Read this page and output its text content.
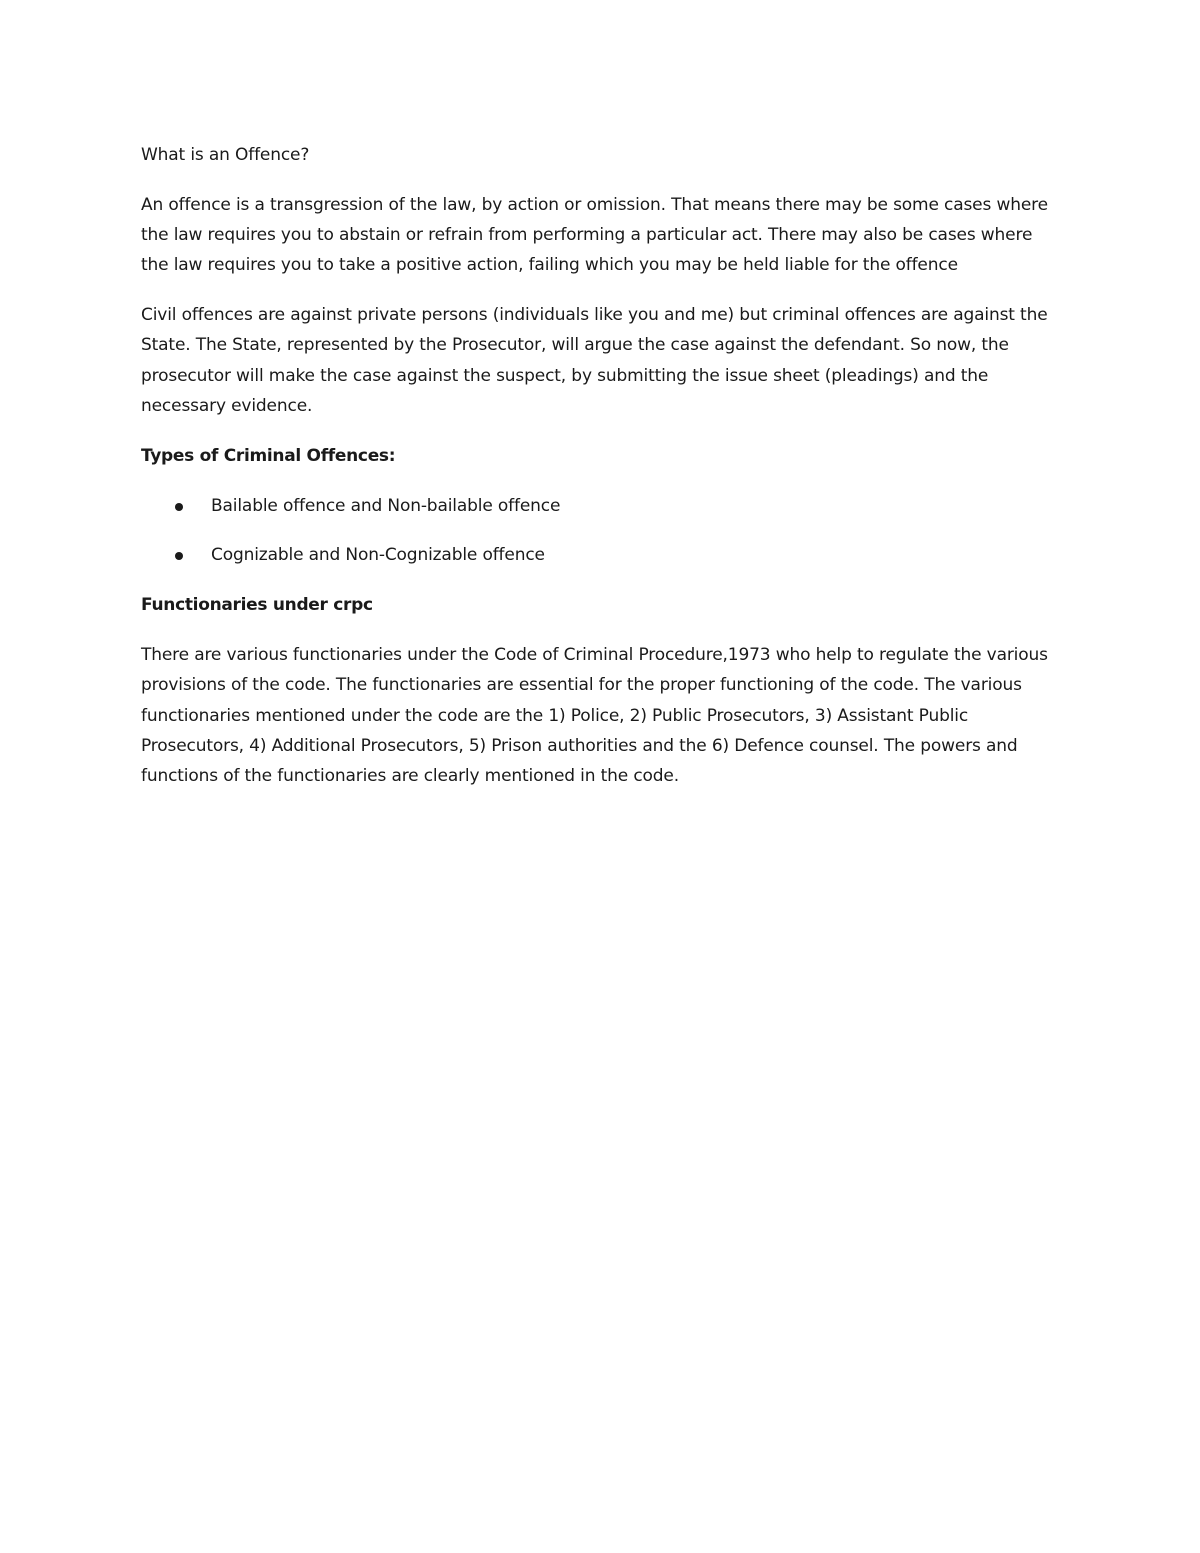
What is an Offence?

An offence is a transgression of the law, by action or omission. That means there may be some cases where the law requires you to abstain or refrain from performing a particular act. There may also be cases where the law requires you to take a positive action, failing which you may be held liable for the offence

Civil offences are against private persons (individuals like you and me) but criminal offences are against the State. The State, represented by the Prosecutor, will argue the case against the defendant. So now, the prosecutor will make the case against the suspect, by submitting the issue sheet (pleadings) and the necessary evidence.

Types of Criminal Offences:
Bailable offence and Non-bailable offence
Cognizable and Non-Cognizable offence
Functionaries under crpc

There are various functionaries under the Code of Criminal Procedure,1973 who help to regulate the various provisions of the code. The functionaries are essential for the proper functioning of the code. The various functionaries mentioned under the code are the 1) Police, 2) Public Prosecutors, 3) Assistant Public Prosecutors, 4) Additional Prosecutors, 5) Prison authorities and the 6) Defence counsel. The powers and functions of the functionaries are clearly mentioned in the code.
